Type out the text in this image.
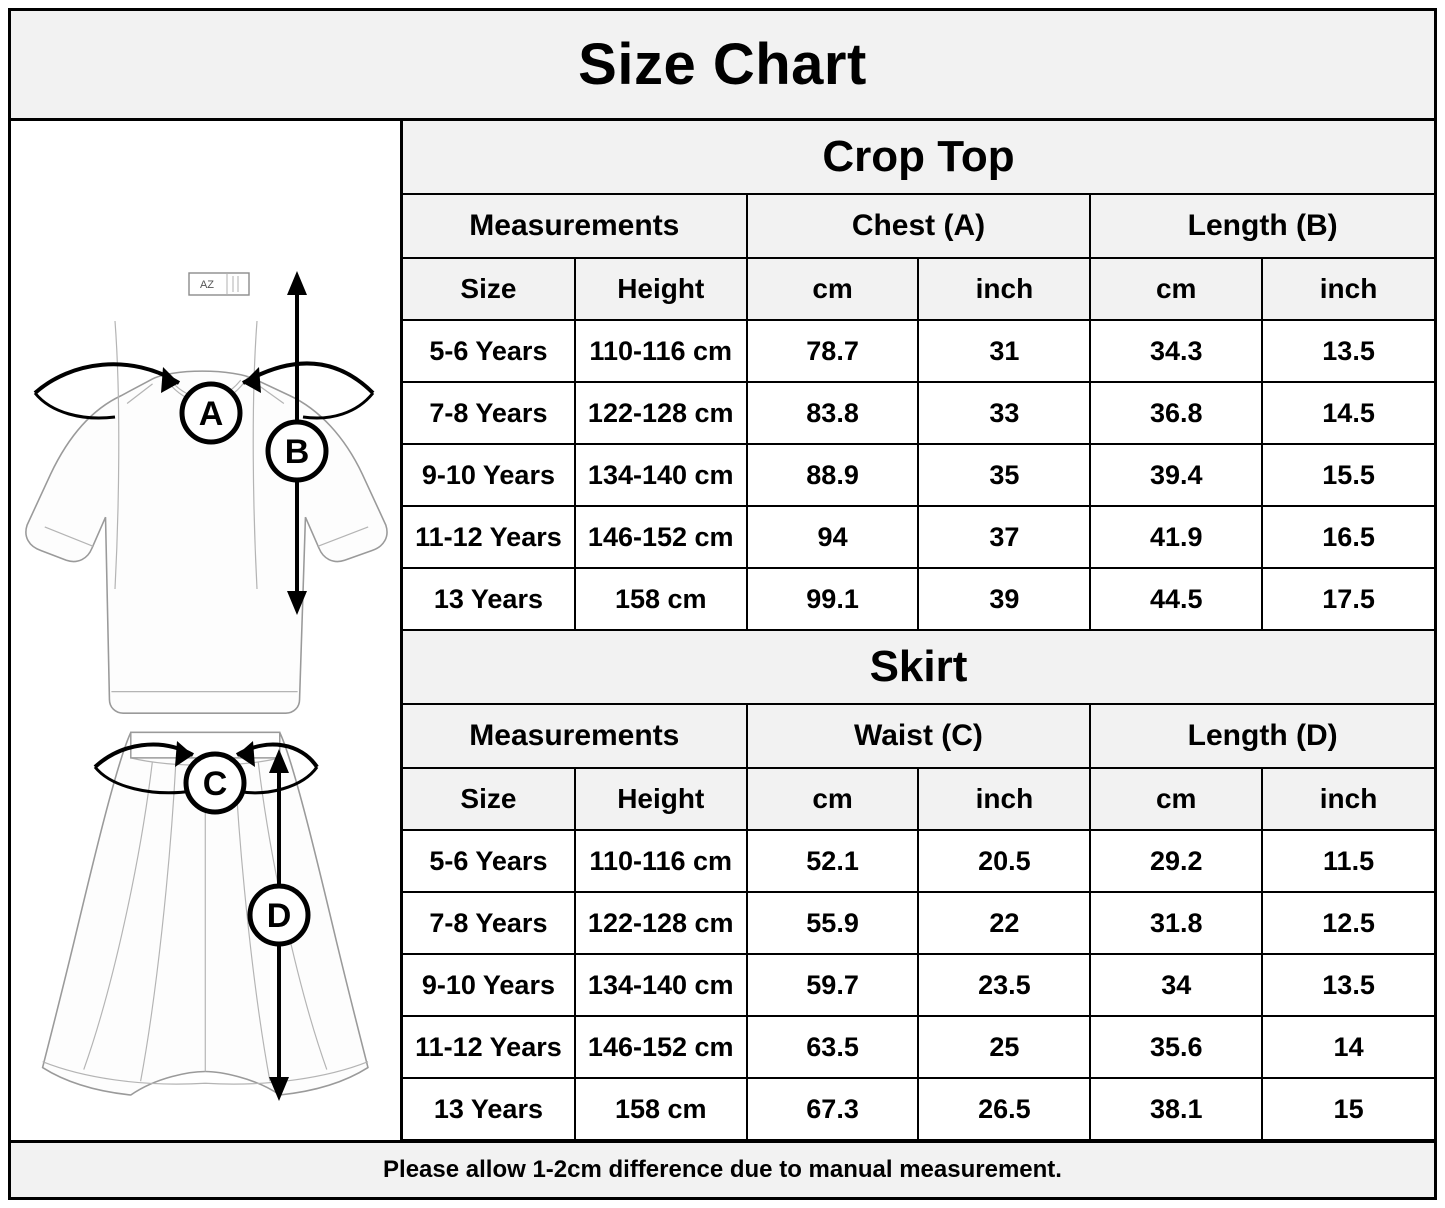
Size Chart
AZ
A
B
C
D
Crop Top					
Measurements		Chest (A)		Length (B)	
Size	Height	cm	inch	cm	inch
5-6 Years	110-116 cm	78.7	31	34.3	13.5
7-8 Years	122-128 cm	83.8	33	36.8	14.5
9-10 Years	134-140 cm	88.9	35	39.4	15.5
11-12 Years	146-152 cm	94	37	41.9	16.5
13 Years	158 cm	99.1	39	44.5	17.5
Skirt					
Measurements		Waist (C)		Length (D)	
Size	Height	cm	inch	cm	inch
5-6 Years	110-116 cm	52.1	20.5	29.2	11.5
7-8 Years	122-128 cm	55.9	22	31.8	12.5
9-10 Years	134-140 cm	59.7	23.5	34	13.5
11-12 Years	146-152 cm	63.5	25	35.6	14
13 Years	158 cm	67.3	26.5	38.1	15
Please allow 1-2cm difference due to manual measurement.
